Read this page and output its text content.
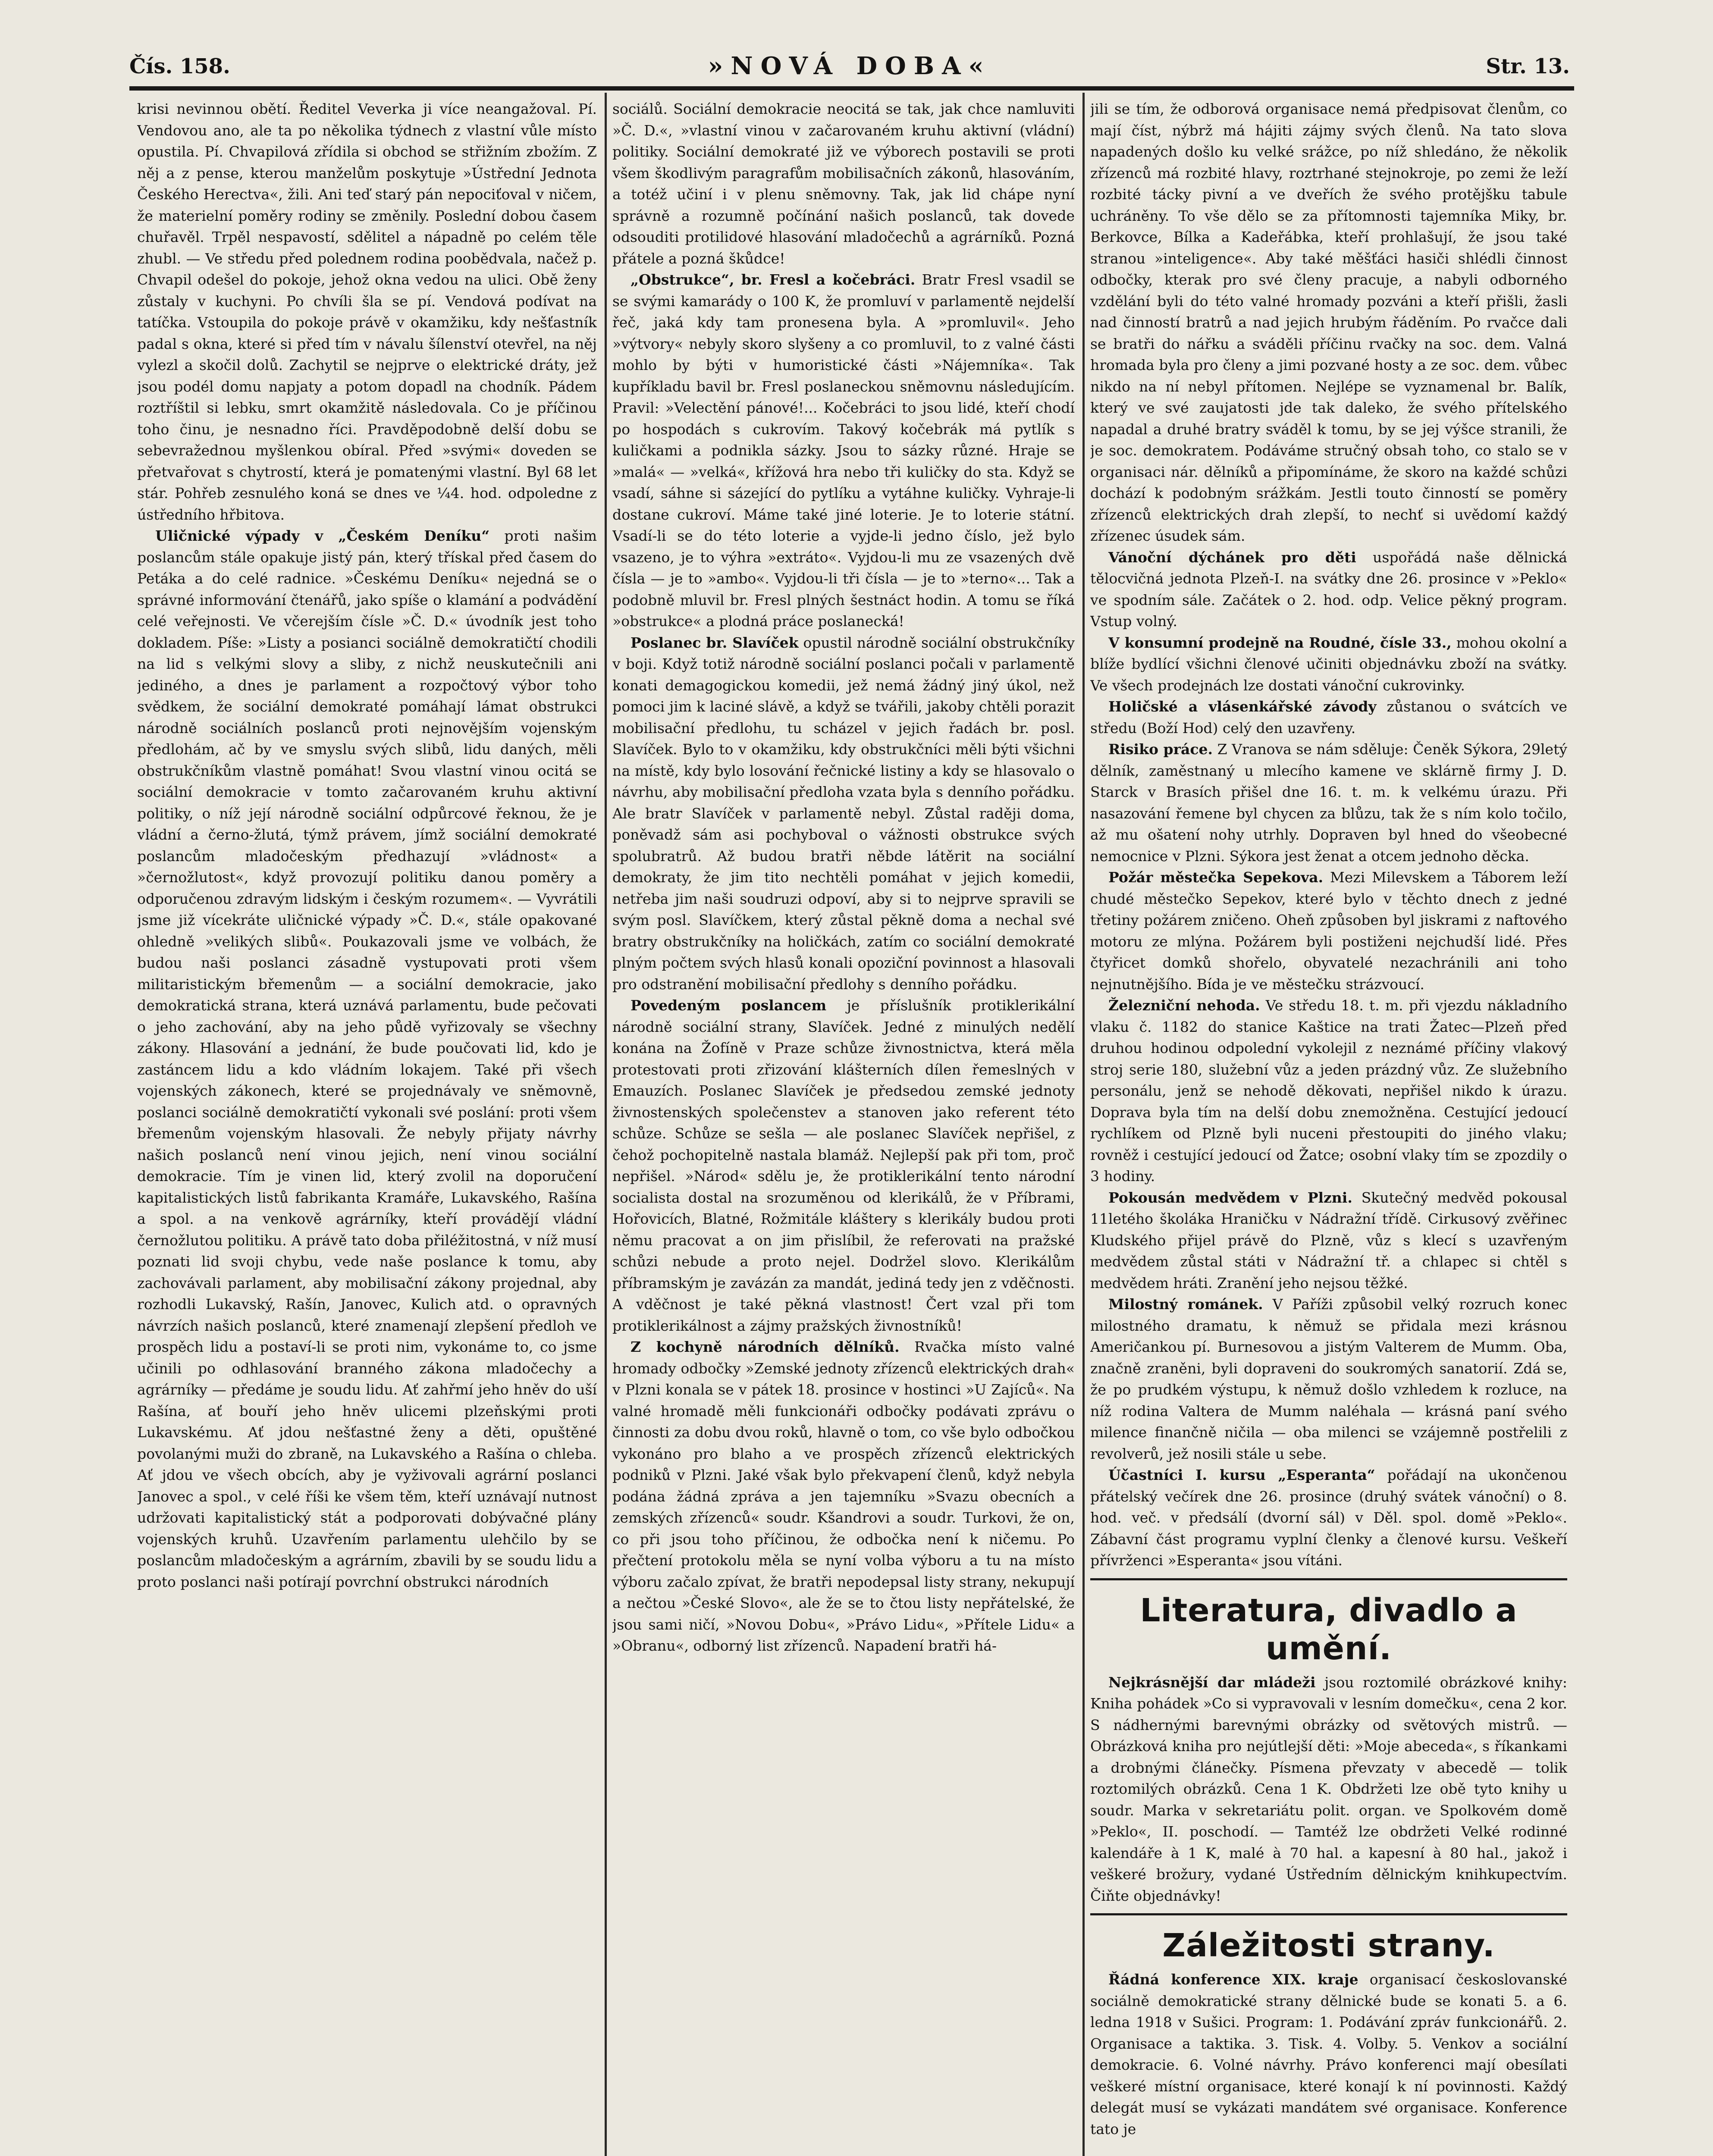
Čís. 158.	»NOVÁ DOBA«	Str. 13.

krisi nevinnou obětí. Ředitel Veverka ji více neangažoval. Pí. Vendovou ano, ale ta po několika týdnech z vlastní vůle místo opustila. Pí. Chvapilová zřídila si obchod se střižním zbožím. Z něj a z pense, kterou manželům poskytuje »Ústřední Jednota Českého Herectva«, žili. Ani teď starý pán nepociťoval v ničem, že materielní poměry rodiny se změnily. Poslední dobou časem chuřavěl. Trpěl nespavostí, sdělitel a nápadně po celém těle zhubl. — Ve středu před polednem rodina poobědvala, načež p. Chvapil odešel do pokoje, jehož okna vedou na ulici. Obě ženy zůstaly v kuchyni. Po chvíli šla se pí. Vendová podívat na tatíčka. Vstoupila do pokoje právě v okamžiku, kdy nešťastník padal s okna, které si před tím v návalu šílenství otevřel, na něj vylezl a skočil dolů. Zachytil se nejprve o elektrické dráty, jež jsou podél domu napjaty a potom dopadl na chodník. Pádem roztříštil si lebku, smrt okamžitě následovala. Co je příčinou toho činu, je nesnadno říci. Pravděpodobně delší dobu se sebevražednou myšlenkou obíral. Před »svými« doveden se přetvařovat s chytrostí, která je pomatenými vlastní. Byl 68 let stár. Pohřeb zesnulého koná se dnes ve ¼4. hod. odpoledne z ústředního hřbitova.

Uličnické výpady v „Českém Deníku“ proti našim poslancům stále opakuje jistý pán, který třískal před časem do Petáka a do celé radnice. »Českému Deníku« nejedná se o správné informování čtenářů, jako spíše o klamání a podvádění celé veřejnosti. Ve včerejším čísle »Č. D.« úvodník jest toho dokladem. Píše: »Listy a posianci sociálně demokratičtí chodili na lid s velkými slovy a sliby, z nichž neuskutečnili ani jediného, a dnes je parlament a rozpočtový výbor toho svědkem, že sociální demokraté pomáhají lámat obstrukci národně sociálních poslanců proti nejnovějším vojenským předlohám, ač by ve smyslu svých slibů, lidu daných, měli obstrukčníkům vlastně pomáhat! Svou vlastní vinou ocitá se sociální demokracie v tomto začarovaném kruhu aktivní politiky, o níž její národně sociální odpůrcové řeknou, že je vládní a černo-žlutá, týmž právem, jímž sociální demokraté poslancům mladočeským předhazují »vládnost« a »černožlutost«, když provozují politiku danou poměry a odporučenou zdravým lidským i českým rozumem«. — Vyvrátili jsme již vícekráte uličnické výpady »Č. D.«, stále opakované ohledně »velikých slibů«. Poukazovali jsme ve volbách, že budou naši poslanci zásadně vystupovati proti všem militaristickým břemenům — a sociální demokracie, jako demokratická strana, která uznává parlamentu, bude pečovati o jeho zachování, aby na jeho půdě vyřizovaly se všechny zákony. Hlasování a jednání, že bude poučovati lid, kdo je zastáncem lidu a kdo vládním lokajem. Také při všech vojenských zákonech, které se projednávaly ve sněmovně, poslanci sociálně demokratičtí vykonali své poslání: proti všem břemenům vojenským hlasovali. Že nebyly přijaty návrhy našich poslanců není vinou jejich, není vinou sociální demokracie. Tím je vinen lid, který zvolil na doporučení kapitalistických listů fabrikanta Kramáře, Lukavského, Rašína a spol. a na venkově agrárníky, kteří provádějí vládní černožlutou politiku. A právě tato doba přiléžitostná, v níž musí poznati lid svoji chybu, vede naše poslance k tomu, aby zachovávali parlament, aby mobilisační zákony projednal, aby rozhodli Lukavský, Rašín, Janovec, Kulich atd. o opravných návrzích našich poslanců, které znamenají zlepšení předloh ve prospěch lidu a postaví-li se proti nim, vykonáme to, co jsme učinili po odhlasování branného zákona mladočechy a agrárníky — předáme je soudu lidu. Ať zahřmí jeho hněv do uší Rašína, ať bouří jeho hněv ulicemi plzeňskými proti Lukavskému. Ať jdou nešťastné ženy a děti, opuštěné povolanými muži do zbraně, na Lukavského a Rašína o chleba. Ať jdou ve všech obcích, aby je vyživovali agrární poslanci Janovec a spol., v celé říši ke všem těm, kteří uznávají nutnost udržovati kapitalistický stát a podporovati dobývačné plány vojenských kruhů. Uzavřením parlamentu ulehčilo by se poslancům mladočeským a agrárním, zbavili by se soudu lidu a proto poslanci naši potírají povrchní obstrukci národních

sociálů. Sociální demokracie neocitá se tak, jak chce namluviti »Č. D.«, »vlastní vinou v začarovaném kruhu aktivní (vládní) politiky. Sociální demokraté již ve výborech postavili se proti všem škodlivým paragrafům mobilisačních zákonů, hlasováním, a totéž učiní i v plenu sněmovny. Tak, jak lid chápe nyní správně a rozumně počínání našich poslanců, tak dovede odsouditi protilidové hlasování mladočechů a agrárníků. Pozná přátele a pozná škůdce!

„Obstrukce“, br. Fresl a kočebráci. Bratr Fresl vsadil se se svými kamarády o 100 K, že promluví v parlamentě nejdelší řeč, jaká kdy tam pronesena byla. A »promluvil«. Jeho »výtvory« nebyly skoro slyšeny a co promluvil, to z valné části mohlo by býti v humoristické části »Nájemníka«. Tak kupříkladu bavil br. Fresl poslaneckou sněmovnu následujícím. Pravil: »Velectění pánové!... Kočebráci to jsou lidé, kteří chodí po hospodách s cukrovím. Takový kočebrák má pytlík s kuličkami a podnikla sázky. Jsou to sázky různé. Hraje se »malá« — »velká«, křížová hra nebo tři kuličky do sta. Když se vsadí, sáhne si sázející do pytlíku a vytáhne kuličky. Vyhraje-li dostane cukroví. Máme také jiné loterie. Je to loterie státní. Vsadí-li se do této loterie a vyjde-li jedno číslo, jež bylo vsazeno, je to výhra »extráto«. Vyjdou-li mu ze vsazených dvě čísla — je to »ambo«. Vyjdou-li tři čísla — je to »terno«... Tak a podobně mluvil br. Fresl plných šestnáct hodin. A tomu se říká »obstrukce« a plodná práce poslanecká!

Poslanec br. Slavíček opustil národně sociální obstrukčníky v boji. Když totiž národně sociální poslanci počali v parlamentě konati demagogickou komedii, jež nemá žádný jiný úkol, než pomoci jim k laciné slávě, a když se tvářili, jakoby chtěli porazit mobilisační předlohu, tu scházel v jejich řadách br. posl. Slavíček. Bylo to v okamžiku, kdy obstrukčníci měli býti všichni na místě, kdy bylo losování řečnické listiny a kdy se hlasovalo o návrhu, aby mobilisační předloha vzata byla s denního pořádku. Ale bratr Slavíček v parlamentě nebyl. Zůstal raději doma, poněvadž sám asi pochyboval o vážnosti obstrukce svých spolubratrů. Až budou bratři něbde látěrit na sociální demokraty, že jim tito nechtěli pomáhat v jejich komedii, netřeba jim naši soudruzi odpoví, aby si to nejprve spravili se svým posl. Slavíčkem, který zůstal pěkně doma a nechal své bratry obstrukčníky na holičkách, zatím co sociální demokraté plným počtem svých hlasů konali opoziční povinnost a hlasovali pro odstranění mobilisační předlohy s denního pořádku.

Povedeným poslancem je příslušník protiklerikální národně sociální strany, Slavíček. Jedné z minulých nedělí konána na Žofíně v Praze schůze živnostnictva, která měla protestovati proti zřizování klášterních dílen řemeslných v Emauzích. Poslanec Slavíček je předsedou zemské jednoty živnostenských společenstev a stanoven jako referent této schůze. Schůze se sešla — ale poslanec Slavíček nepřišel, z čehož pochopitelně nastala blamáž. Nejlepší pak při tom, proč nepřišel. »Národ« sdělu je, že protiklerikální tento národní socialista dostal na srozuměnou od klerikálů, že v Příbrami, Hořovicích, Blatné, Rožmitále kláštery s klerikály budou proti němu pracovat a on jim přislíbil, že referovati na pražské schůzi nebude a proto nejel. Dodržel slovo. Klerikálům příbramským je zavázán za mandát, jediná tedy jen z vděčnosti. A vděčnost je také pěkná vlastnost! Čert vzal při tom protiklerikálnost a zájmy pražských živnostníků!

Z kochyně národních dělníků. Rvačka místo valné hromady odbočky »Zemské jednoty zřízenců elektrických drah« v Plzni konala se v pátek 18. prosince v hostinci »U Zajíců«. Na valné hromadě měli funkcionáři odbočky podávati zprávu o činnosti za dobu dvou roků, hlavně o tom, co vše bylo odbočkou vykonáno pro blaho a ve prospěch zřízenců elektrických podniků v Plzni. Jaké však bylo překvapení členů, když nebyla podána žádná zpráva a jen tajemníku »Svazu obecních a zemských zřízenců« soudr. Kšandrovi a soudr. Turkovi, že on, co při jsou toho příčinou, že odbočka není k ničemu. Po přečtení protokolu měla se nyní volba výboru a tu na místo výboru začalo zpívat, že bratři nepodepsal listy strany, nekupují a nečtou »České Slovo«, ale že se to čtou listy nepřátelské, že jsou sami ničí, »Novou Dobu«, »Právo Lidu«, »Přítele Lidu« a »Obranu«, odborný list zřízenců. Napadení bratři há-

jili se tím, že odborová organisace nemá předpisovat členům, co mají číst, nýbrž má hájiti zájmy svých členů. Na tato slova napadených došlo ku velké srážce, po níž shledáno, že několik zřízenců má rozbité hlavy, roztrhané stejnokroje, po zemi že leží rozbité tácky pivní a ve dveřích že svého protějšku tabule uchráněny. To vše dělo se za přítomnosti tajemníka Miky, br. Berkovce, Bílka a Kadeřábka, kteří prohlašují, že jsou také stranou »inteligence«. Aby také měšťáci hasiči shlédli činnost odbočky, kterak pro své členy pracuje, a nabyli odborného vzdělání byli do této valné hromady pozváni a kteří přišli, žasli nad činností bratrů a nad jejich hrubým řáděním. Po rvačce dali se bratři do nářku a sváděli příčinu rvačky na soc. dem. Valná hromada byla pro členy a jimi pozvané hosty a ze soc. dem. vůbec nikdo na ní nebyl přítomen. Nejlépe se vyznamenal br. Balík, který ve své zaujatosti jde tak daleko, že svého přítelského napadal a druhé bratry sváděl k tomu, by se jej výšce stranili, že je soc. demokratem. Podáváme stručný obsah toho, co stalo se v organisaci nár. dělníků a připomínáme, že skoro na každé schůzi dochází k podobným srážkám. Jestli touto činností se poměry zřízenců elektrických drah zlepší, to nechť si uvědomí každý zřízenec úsudek sám.

Vánoční dýchánek pro děti uspořádá naše dělnická tělocvičná jednota Plzeň-I. na svátky dne 26. prosince v »Peklo« ve spodním sále. Začátek o 2. hod. odp. Velice pěkný program. Vstup volný.

V konsumní prodejně na Roudné, čísle 33., mohou okolní a blíže bydlící všichni členové učiniti objednávku zboží na svátky. Ve všech prodejnách lze dostati vánoční cukrovinky.

Holičské a vlásenkářské závody zůstanou o svátcích ve středu (Boží Hod) celý den uzavřeny.

Risiko práce. Z Vranova se nám sděluje: Čeněk Sýkora, 29letý dělník, zaměstnaný u mlecího kamene ve sklárně firmy J. D. Starck v Brasích přišel dne 16. t. m. k velkému úrazu. Při nasazování řemene byl chycen za blůzu, tak že s ním kolo točilo, až mu ošatení nohy utrhly. Dopraven byl hned do všeobecné nemocnice v Plzni. Sýkora jest ženat a otcem jednoho děcka.

Požár městečka Sepekova. Mezi Milevskem a Táborem leží chudé městečko Sepekov, které bylo v těchto dnech z jedné třetiny požárem zničeno. Oheň způsoben byl jiskrami z naftového motoru ze mlýna. Požárem byli postiženi nejchudší lidé. Přes čtyřicet domků shořelo, obyvatelé nezachránili ani toho nejnutnějšího. Bída je ve městečku strázvoucí.

Železniční nehoda. Ve středu 18. t. m. při vjezdu nákladního vlaku č. 1182 do stanice Kaštice na trati Žatec—Plzeň před druhou hodinou odpolední vykolejil z neznámé příčiny vlakový stroj serie 180, služební vůz a jeden prázdný vůz. Ze služebního personálu, jenž se nehodě děkovati, nepřišel nikdo k úrazu. Doprava byla tím na delší dobu znemožněna. Cestující jedoucí rychlíkem od Plzně byli nuceni přestoupiti do jiného vlaku; rovněž i cestující jedoucí od Žatce; osobní vlaky tím se zpozdily o 3 hodiny.

Pokousán medvědem v Plzni. Skutečný medvěd pokousal 11letého školáka Hraničku v Nádražní třídě. Cirkusový zvěřinec Kludského přijel právě do Plzně, vůz s klecí s uzavřeným medvědem zůstal státi v Nádražní tř. a chlapec si chtěl s medvědem hráti. Zranění jeho nejsou těžké.

Milostný románek. V Paříži způsobil velký rozruch konec milostného dramatu, k němuž se přidala mezi krásnou Američankou pí. Burnesovou a jistým Valterem de Mumm. Oba, značně zraněni, byli dopraveni do soukromých sanatorií. Zdá se, že po prudkém výstupu, k němuž došlo vzhledem k rozluce, na níž rodina Valtera de Mumm naléhala — krásná paní svého milence finančně ničila — oba milenci se vzájemně postřelili z revolverů, jež nosili stále u sebe.

Účastníci I. kursu „Esperanta“ pořádají na ukončenou přátelský večírek dne 26. prosince (druhý svátek vánoční) o 8. hod. več. v předsálí (dvorní sál) v Děl. spol. domě »Peklo«. Zábavní část programu vyplní členky a členové kursu. Veškeří přívrženci »Esperanta« jsou vítáni.

Literatura, divadlo a umění.

Nejkrásnější dar mládeži jsou roztomilé obrázkové knihy: Kniha pohádek »Co si vypravovali v lesním domečku«, cena 2 kor. S nádhernými barevnými obrázky od světových mistrů. — Obrázková kniha pro nejútlejší děti: »Moje abeceda«, s říkankami a drobnými článečky. Písmena převzaty v abecedě — tolik roztomilých obrázků. Cena 1 K. Obdržeti lze obě tyto knihy u soudr. Marka v sekretariátu polit. organ. ve Spolkovém domě »Peklo«, II. poschodí. — Tamtéž lze obdržeti Velké rodinné kalendáře à 1 K, malé à 70 hal. a kapesní à 80 hal., jakož i veškeré brožury, vydané Ústředním dělnickým knihkupectvím. Čiňte objednávky!

Záležitosti strany.

Řádná konference XIX. kraje organisací českoslovanské sociálně demokratické strany dělnické bude se konati 5. a 6. ledna 1918 v Sušici. Program: 1. Podávání zpráv funkcionářů. 2. Organisace a taktika. 3. Tisk. 4. Volby. 5. Venkov a sociální demokracie. 6. Volné návrhy. Právo konferenci mají obesílati veškeré místní organisace, které konají k ní povinnosti. Každý delegát musí se vykázati mandátem své organisace. Konference tato je
